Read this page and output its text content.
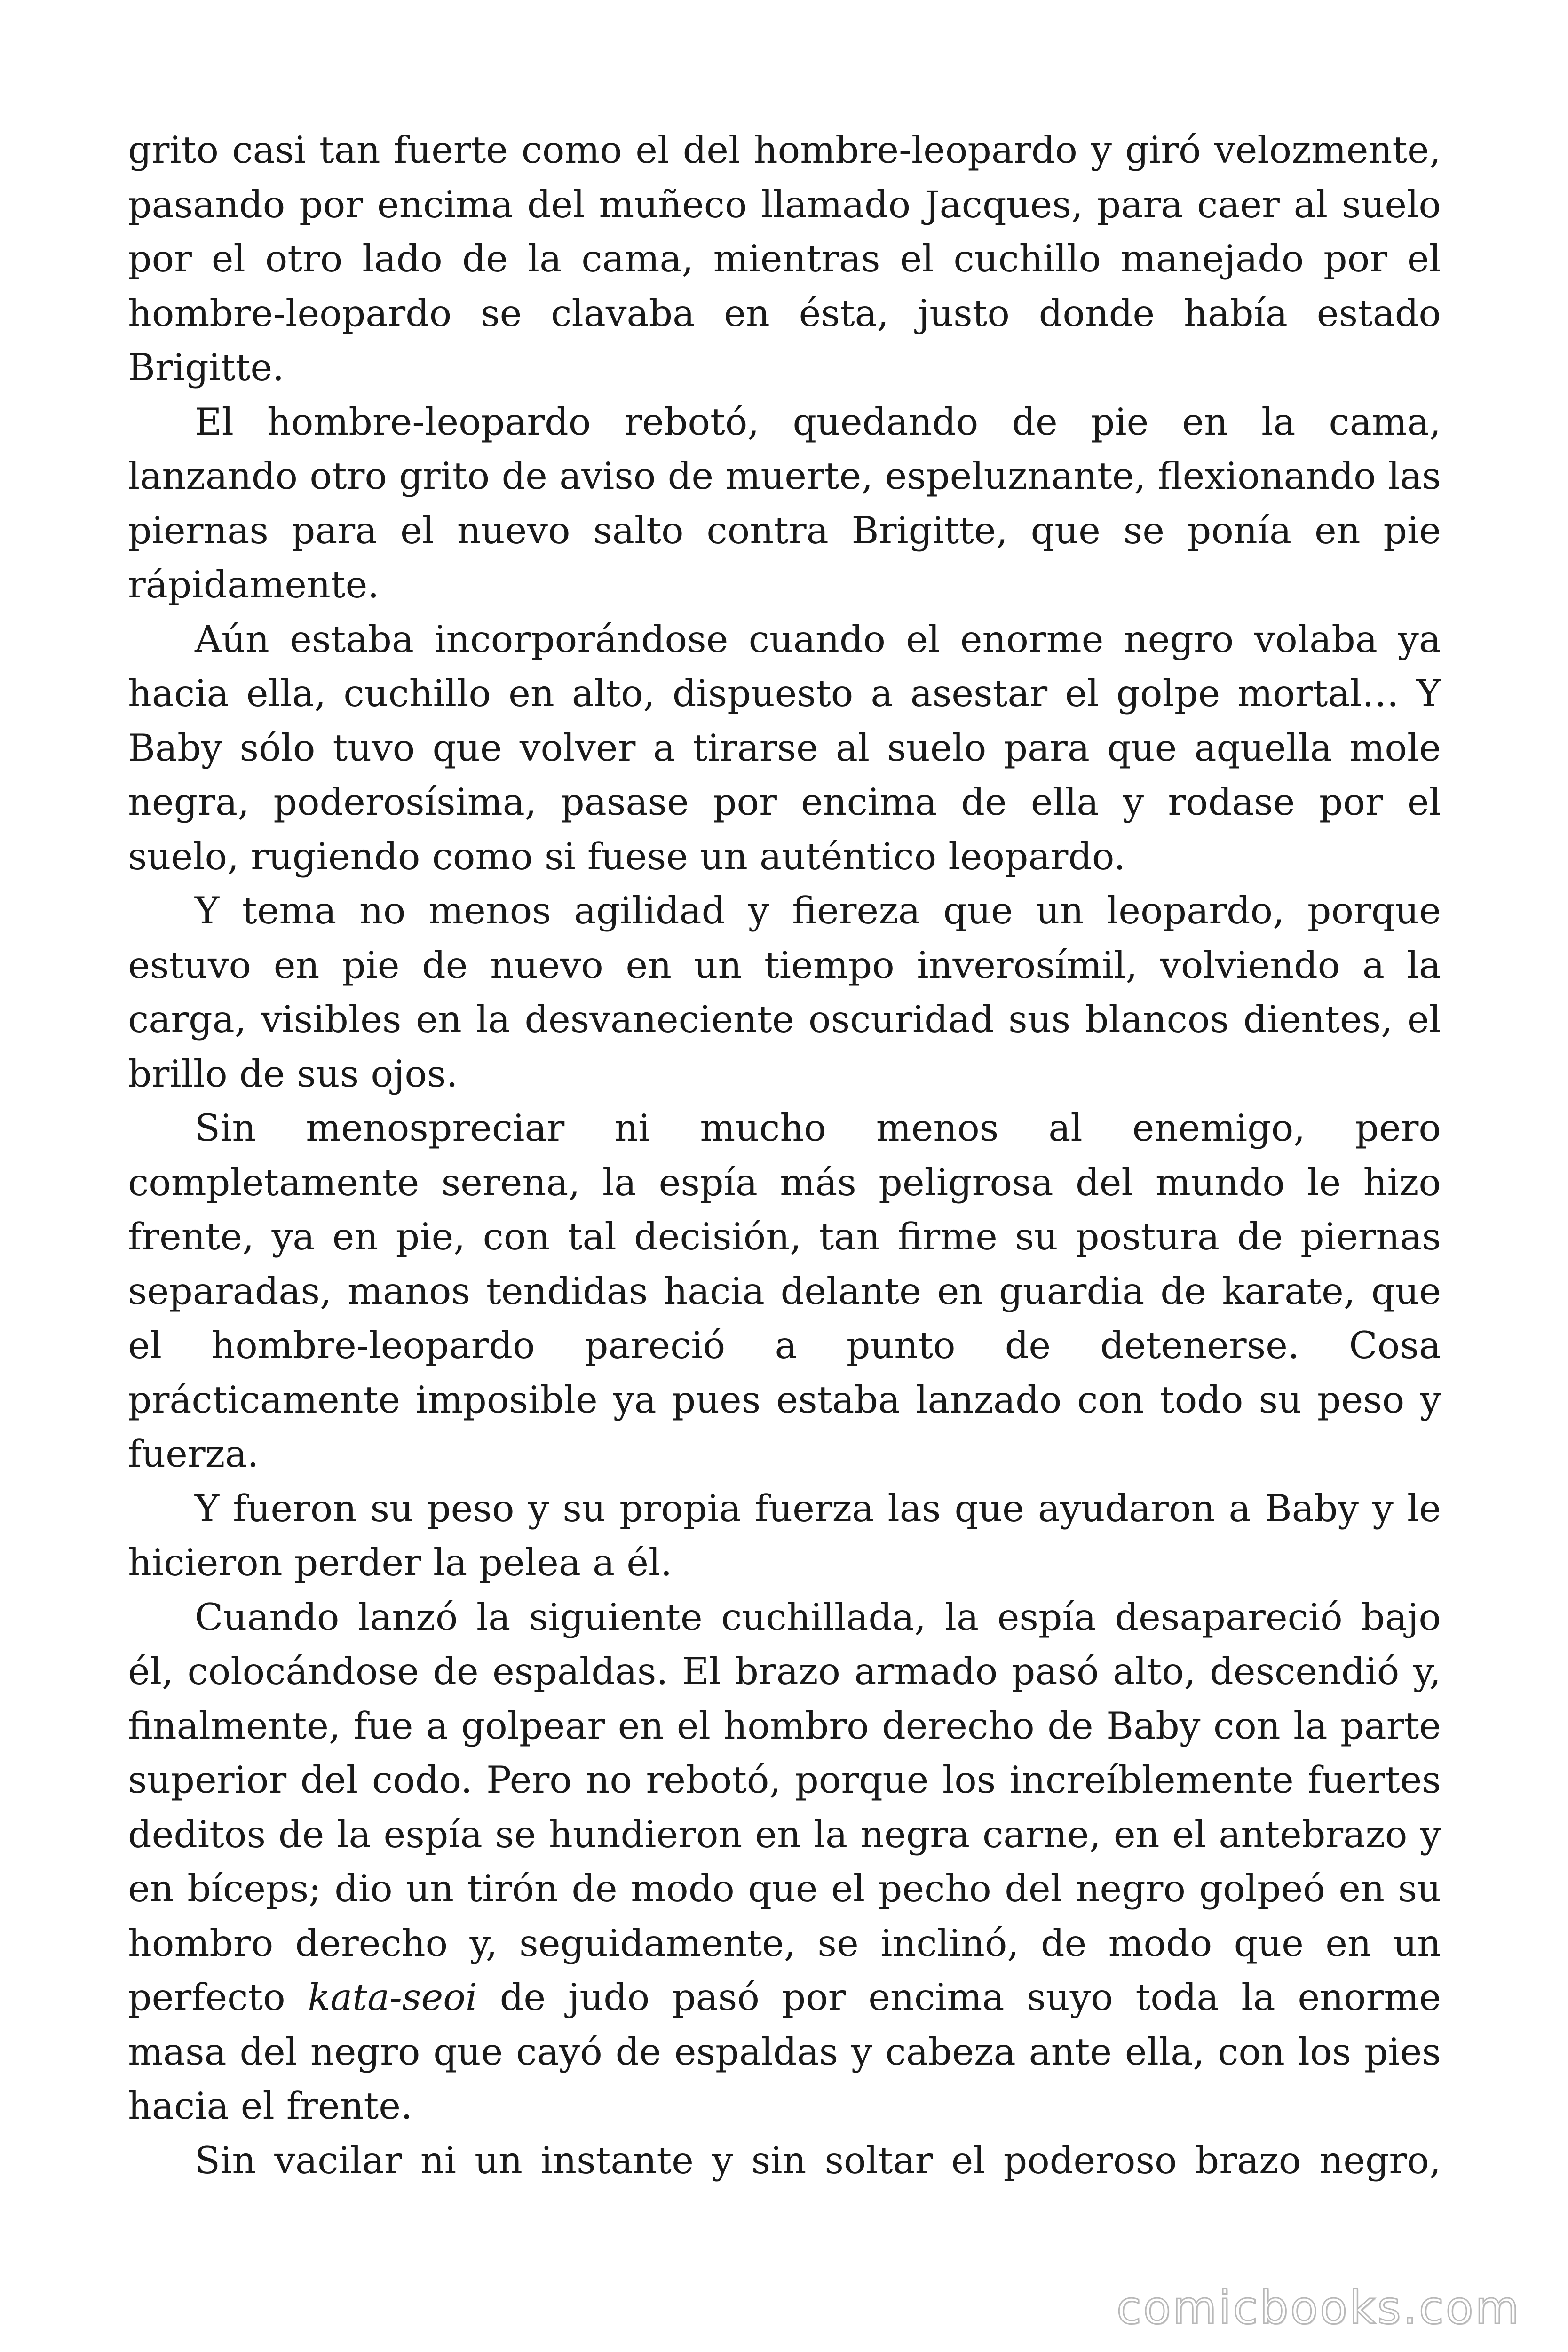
grito casi tan fuerte como el del hombre-leopardo y giró velozmente, pasando por encima del muñeco llamado Jacques, para caer al suelo por el otro lado de la cama, mientras el cuchillo manejado por el hombre-leopardo se clavaba en ésta, justo donde había estado Brigitte.

El hombre-leopardo rebotó, quedando de pie en la cama, lanzando otro grito de aviso de muerte, espeluznante, flexionando las piernas para el nuevo salto contra Brigitte, que se ponía en pie rápidamente.

Aún estaba incorporándose cuando el enorme negro volaba ya hacia ella, cuchillo en alto, dispuesto a asestar el golpe mortal… Y Baby sólo tuvo que volver a tirarse al suelo para que aquella mole negra, poderosísima, pasase por encima de ella y rodase por el suelo, rugiendo como si fuese un auténtico leopardo.

Y tema no menos agilidad y fiereza que un leopardo, porque estuvo en pie de nuevo en un tiempo inverosímil, volviendo a la carga, visibles en la desvaneciente oscuridad sus blancos dientes, el brillo de sus ojos.

Sin menospreciar ni mucho menos al enemigo, pero completamente serena, la espía más peligrosa del mundo le hizo frente, ya en pie, con tal decisión, tan firme su postura de piernas separadas, manos tendidas hacia delante en guardia de karate, que el hombre-leopardo pareció a punto de detenerse. Cosa prácticamente imposible ya pues estaba lanzado con todo su peso y fuerza.

Y fueron su peso y su propia fuerza las que ayudaron a Baby y le hicieron perder la pelea a él.

Cuando lanzó la siguiente cuchillada, la espía desapareció bajo él, colocándose de espaldas. El brazo armado pasó alto, descendió y, finalmente, fue a golpear en el hombro derecho de Baby con la parte superior del codo. Pero no rebotó, porque los increíblemente fuertes deditos de la espía se hundieron en la negra carne, en el antebrazo y en bíceps; dio un tirón de modo que el pecho del negro golpeó en su hombro derecho y, seguidamente, se inclinó, de modo que en un perfecto kata-seoi de judo pasó por encima suyo toda la enorme masa del negro que cayó de espaldas y cabeza ante ella, con los pies hacia el frente.

Sin vacilar ni un instante y sin soltar el poderoso brazo negro,

comicbooks.com
